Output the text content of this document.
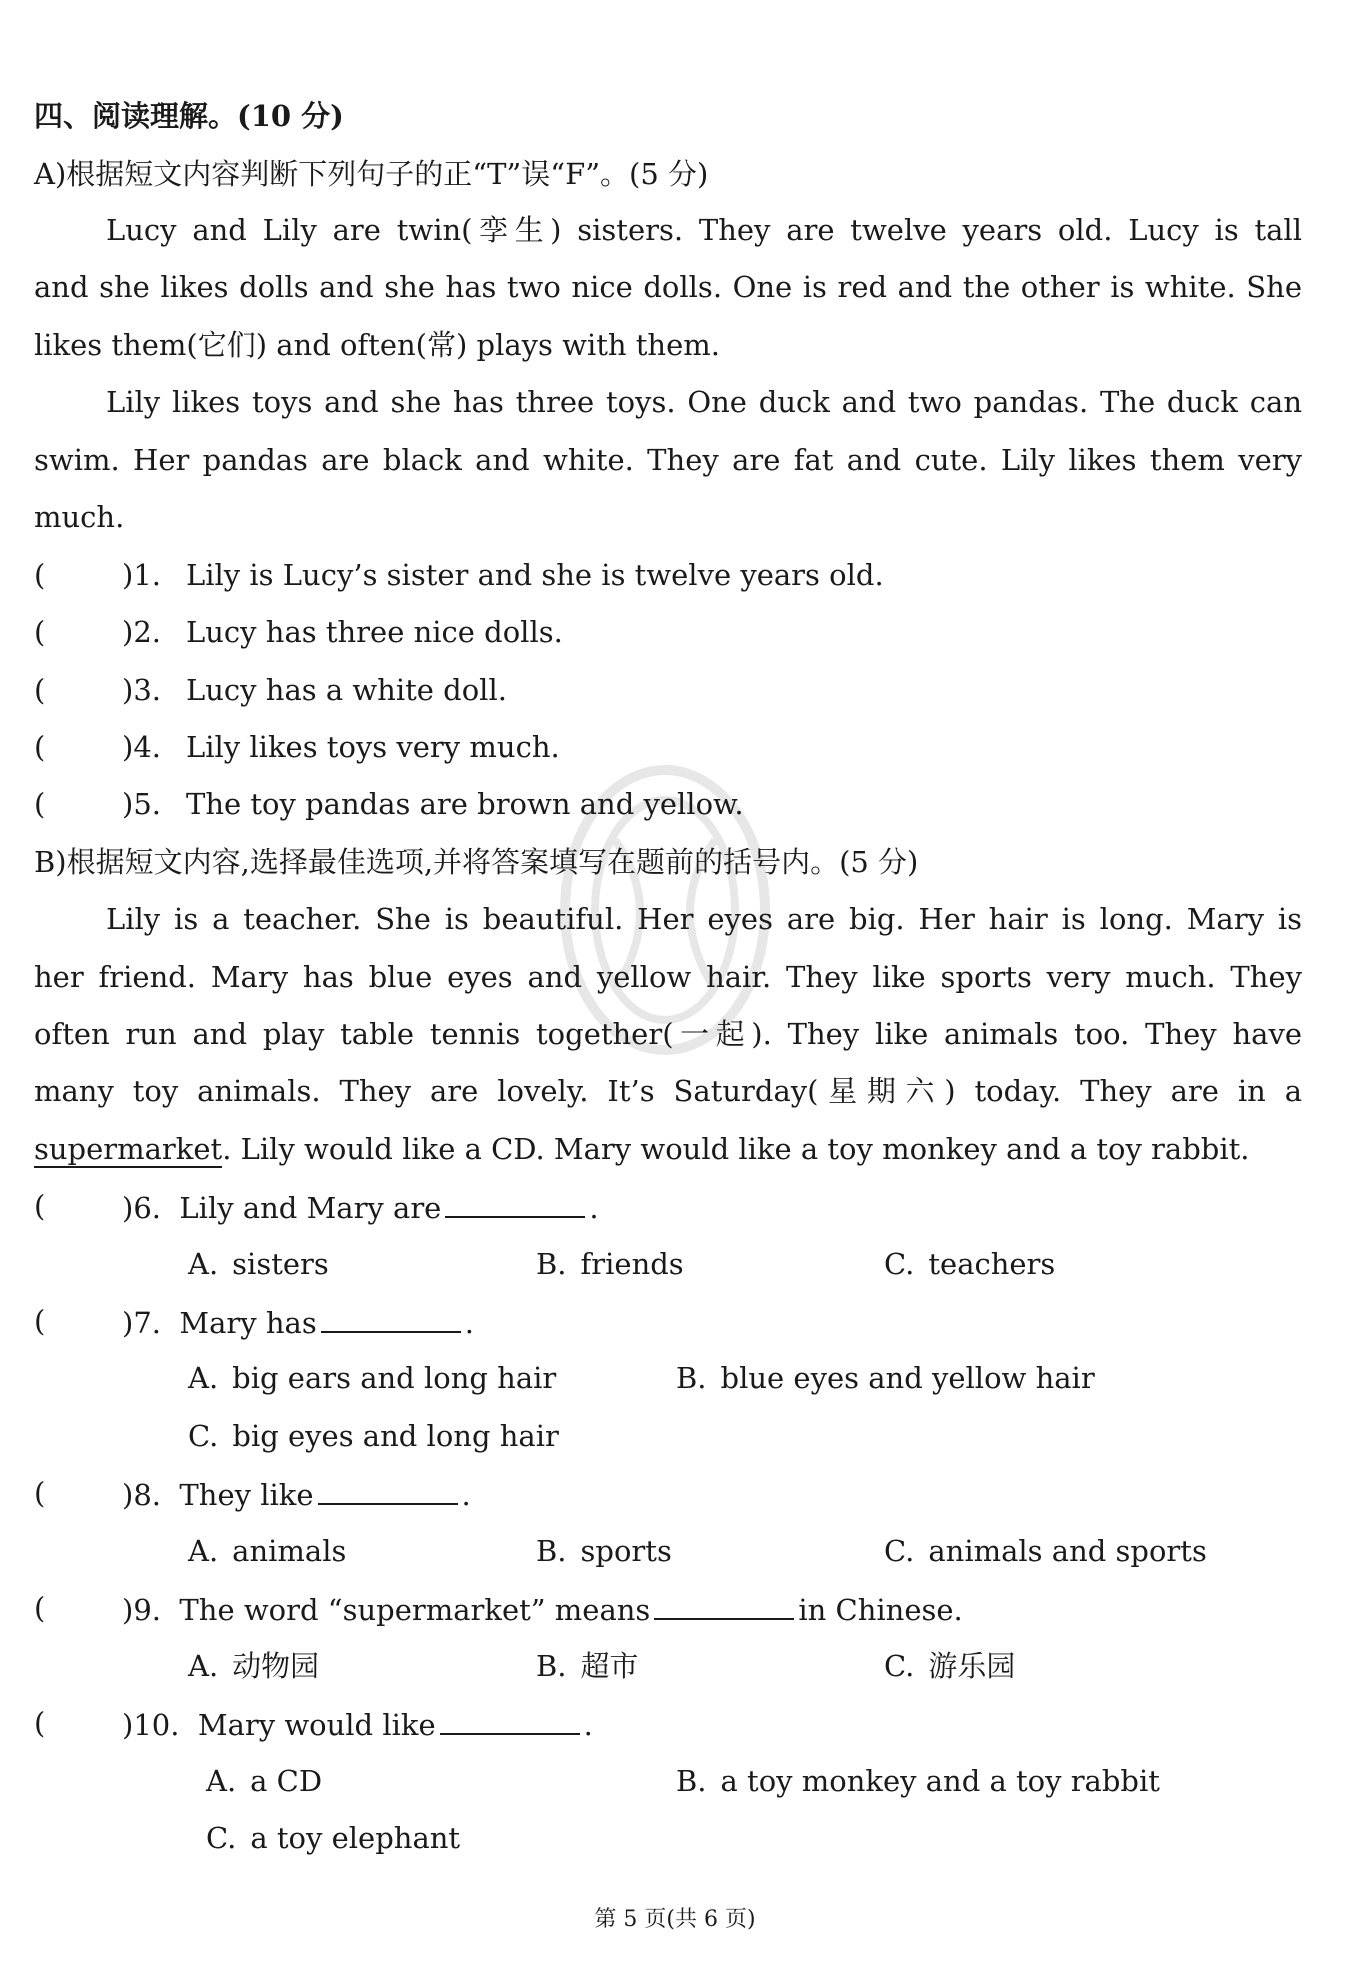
四、阅读理解。(10 分)
A)根据短文内容判断下列句子的正“T”误“F”。(5 分)
Lucy and Lily are twin(孪生) sisters. They are twelve years old. Lucy is tall
and she likes dolls and she has two nice dolls. One is red and the other is white. She
likes them(它们) and often(常) plays with them.
Lily likes toys and she has three toys. One duck and two pandas. The duck can
swim. Her pandas are black and white. They are fat and cute. Lily likes them very
much.
(	)1. Lily is Lucy’s sister and she is twelve years old.
(	)2. Lucy has three nice dolls.
(	)3. Lucy has a white doll.
(	)4. Lily likes toys very much.
(	)5. The toy pandas are brown and yellow.
B)根据短文内容,选择最佳选项,并将答案填写在题前的括号内。(5 分)
Lily is a teacher. She is beautiful. Her eyes are big. Her hair is long. Mary is
her friend. Mary has blue eyes and yellow hair. They like sports very much. They
often run and play table tennis together(一起). They like animals too. They have
many toy animals. They are lovely. It’s Saturday(星期六) today. They are in a
supermarket. Lily would like a CD. Mary would like a toy monkey and a toy rabbit.
(	)6. Lily and Mary are	.
A. sisters	B. friends	C. teachers
(	)7. Mary has	.
A. big ears and long hair	B. blue eyes and yellow hair
C. big eyes and long hair
(	)8. They like	.
A. animals	B. sports	C. animals and sports
(	)9. The word “supermarket” means	in Chinese.
A. 动物园	B. 超市	C. 游乐园
(	)10. Mary would like	.
A. a CD	B. a toy monkey and a toy rabbit
C. a toy elephant
第 5 页(共 6 页)
